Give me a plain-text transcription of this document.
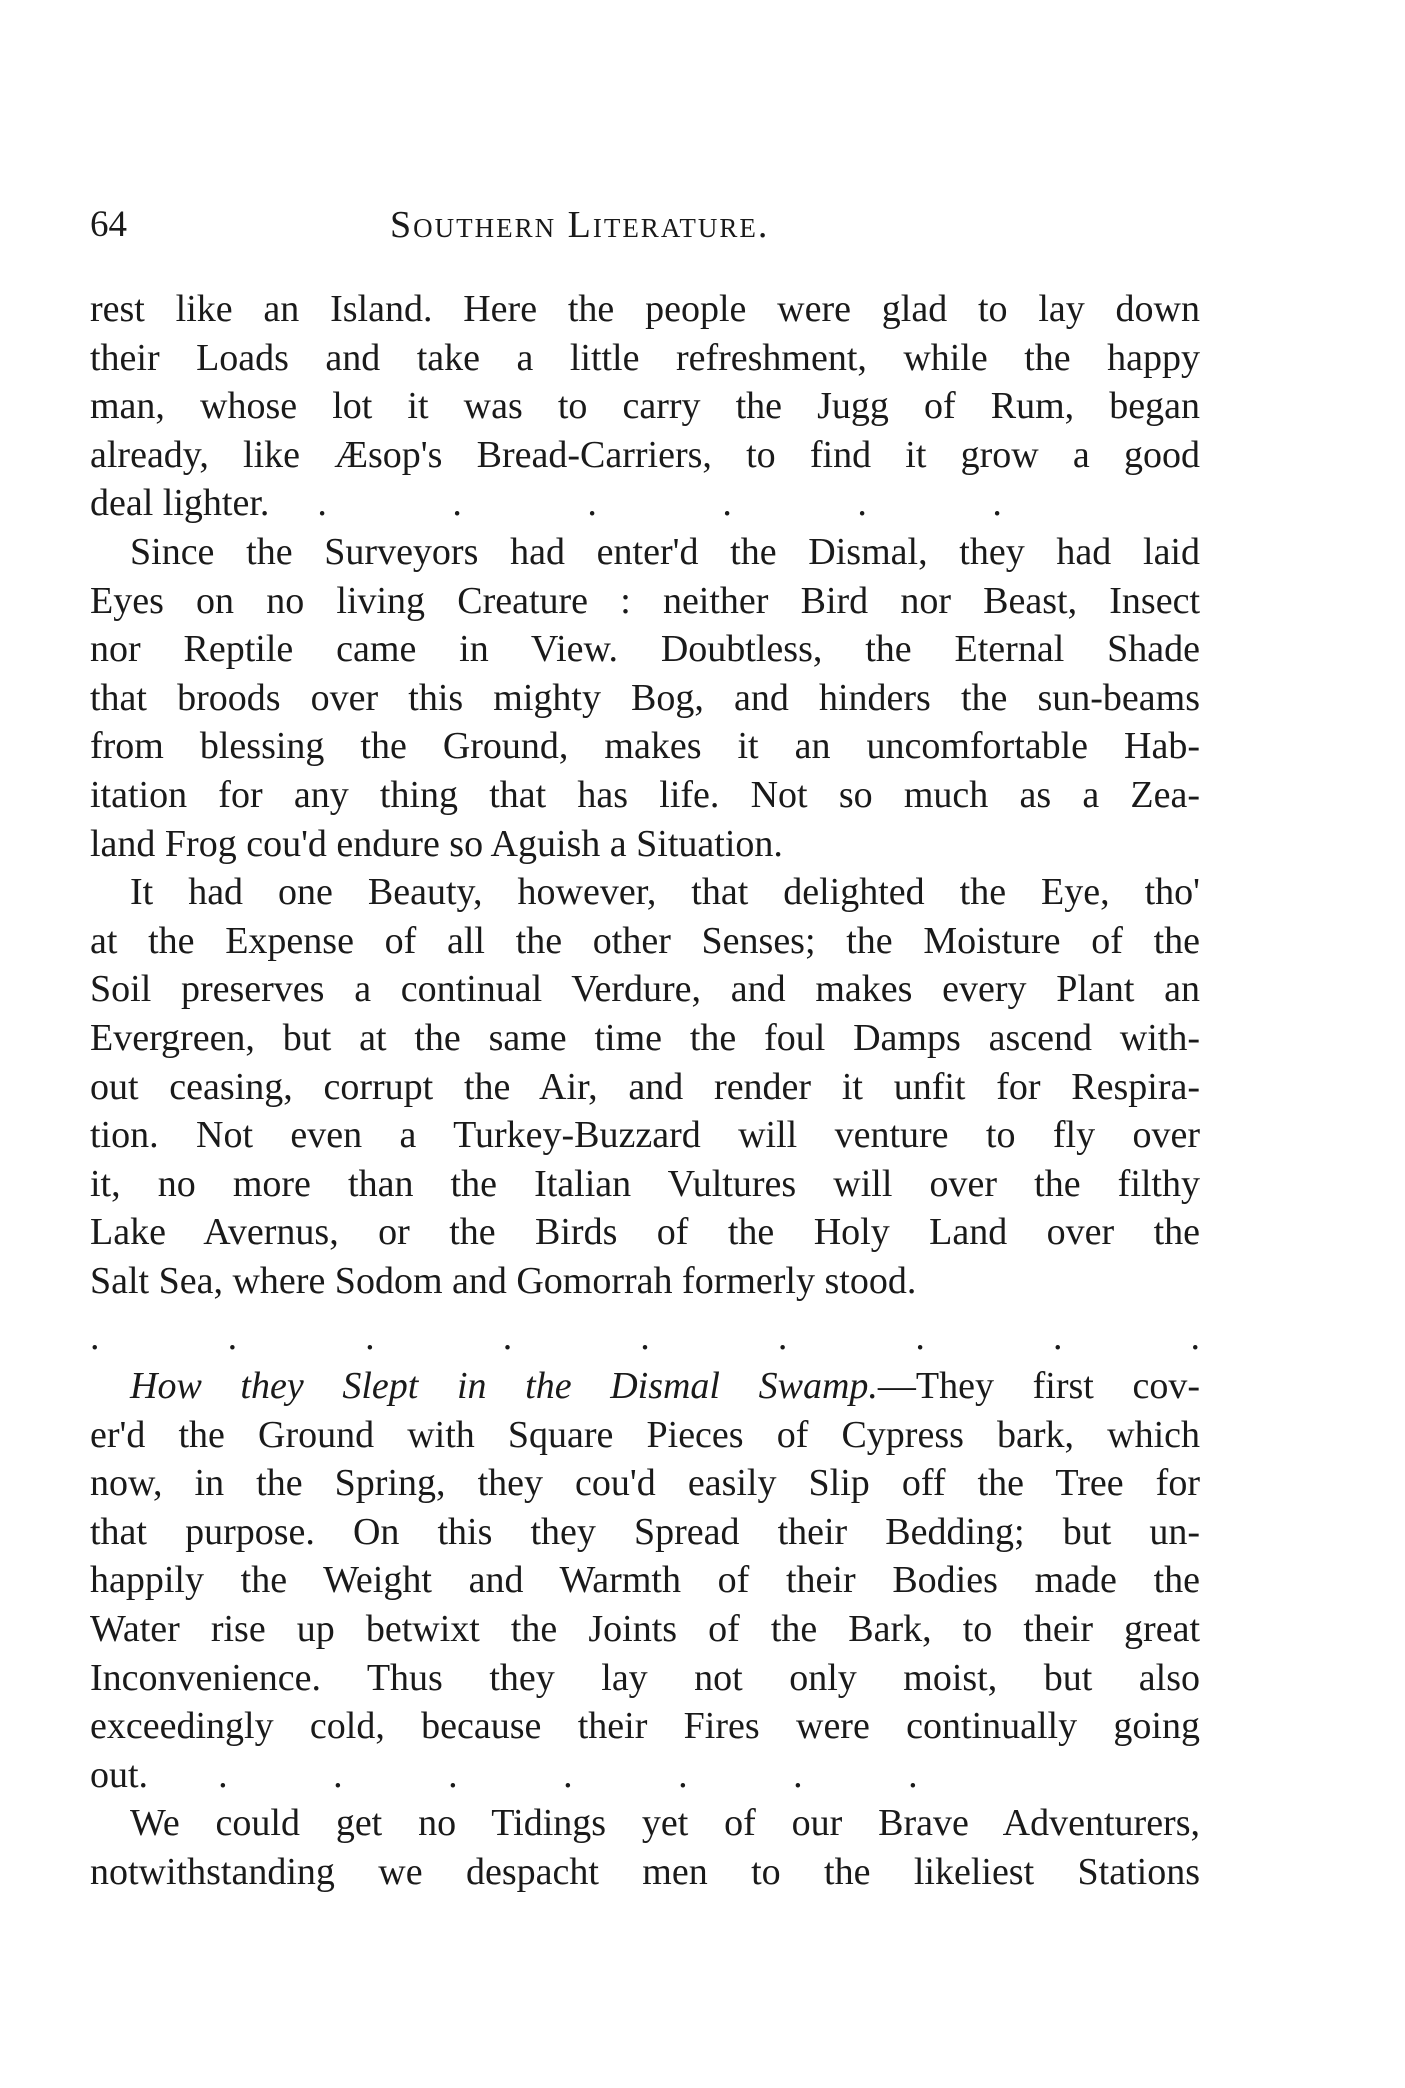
64	Southern Literature.
rest like an Island. Here the people were glad to lay down
their Loads and take a little refreshment, while the happy
man, whose lot it was to carry the Jugg of Rum, began
already, like Æsop's Bread-Carriers, to find it grow a good
deal lighter. . . . . . .
Since the Surveyors had enter'd the Dismal, they had laid
Eyes on no living Creature : neither Bird nor Beast, Insect
nor Reptile came in View. Doubtless, the Eternal Shade
that broods over this mighty Bog, and hinders the sun-beams
from blessing the Ground, makes it an uncomfortable Hab-
itation for any thing that has life. Not so much as a Zea-
land Frog cou'd endure so Aguish a Situation.
It had one Beauty, however, that delighted the Eye, tho'
at the Expense of all the other Senses; the Moisture of the
Soil preserves a continual Verdure, and makes every Plant an
Evergreen, but at the same time the foul Damps ascend with-
out ceasing, corrupt the Air, and render it unfit for Respira-
tion. Not even a Turkey-Buzzard will venture to fly over
it, no more than the Italian Vultures will over the filthy
Lake Avernus, or the Birds of the Holy Land over the
Salt Sea, where Sodom and Gomorrah formerly stood.
. . . . . . . . .
How they Slept in the Dismal Swamp.—They first cov-
er'd the Ground with Square Pieces of Cypress bark, which
now, in the Spring, they cou'd easily Slip off the Tree for
that purpose. On this they Spread their Bedding; but un-
happily the Weight and Warmth of their Bodies made the
Water rise up betwixt the Joints of the Bark, to their great
Inconvenience. Thus they lay not only moist, but also
exceedingly cold, because their Fires were continually going
out. . . . . . . .
We could get no Tidings yet of our Brave Adventurers,
notwithstanding we despacht men to the likeliest Stations
